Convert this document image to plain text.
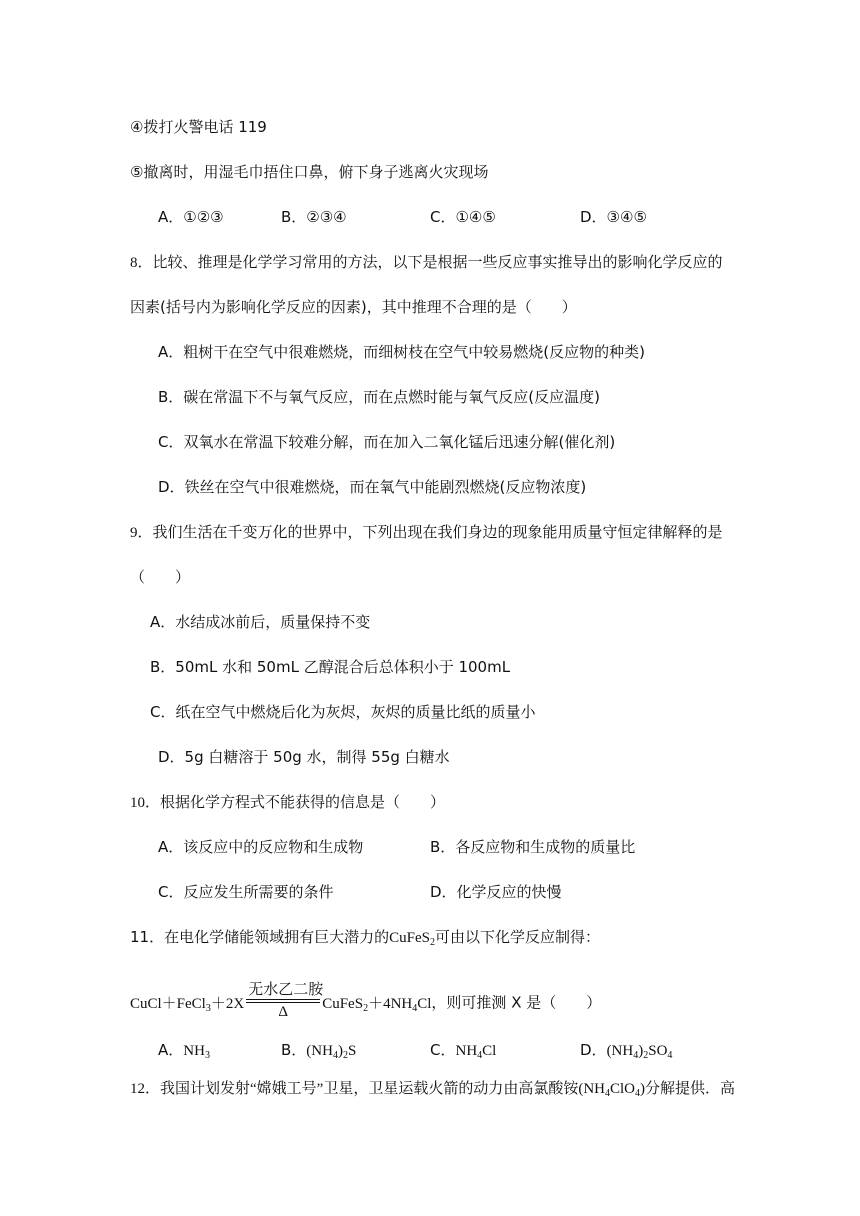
④拨打火警电话 119
⑤撤离时，用湿毛巾捂住口鼻，俯下身子逃离火灾现场
A．①②③	B．②③④	C．①④⑤	D．③④⑤
8．比较、推理是化学学习常用的方法，以下是根据一些反应事实推导出的影响化学反应的
因素(括号内为影响化学反应的因素)，其中推理不合理的是（　　）
A．粗树干在空气中很难燃烧，而细树枝在空气中较易燃烧(反应物的种类)
B．碳在常温下不与氧气反应，而在点燃时能与氧气反应(反应温度)
C．双氧水在常温下较难分解，而在加入二氧化锰后迅速分解(催化剂)
D．铁丝在空气中很难燃烧，而在氧气中能剧烈燃烧(反应物浓度)
9．我们生活在千变万化的世界中，下列出现在我们身边的现象能用质量守恒定律解释的是
（　　）
A．水结成冰前后，质量保持不变
B．50mL 水和 50mL 乙醇混合后总体积小于 100mL
C．纸在空气中燃烧后化为灰烬，灰烬的质量比纸的质量小
D．5g 白糖溶于 50g 水，制得 55g 白糖水
10．根据化学方程式不能获得的信息是（　　）
A．该反应中的反应物和生成物	B．各反应物和生成物的质量比
C．反应发生所需要的条件	D．化学反应的快慢
11．在电化学储能领域拥有巨大潜力的CuFeS$_2$可由以下化学反应制得：
CuCl＋FeCl$_3$＋2X $\frac{\text{无水乙二胺}}{\Delta}$ $CuFeS_2+4NH_4Cl$，则可推测 X 是（　　）
A．$NH_3$	B．$(NH_4)_2S$	C．$NH_4Cl$	D．$(NH_4)_2SO_4$
12．我国计划发射“嫦娥工号”卫星，卫星运载火箭的动力由高氯酸铵$(NH_4ClO_4)$分解提供．高
